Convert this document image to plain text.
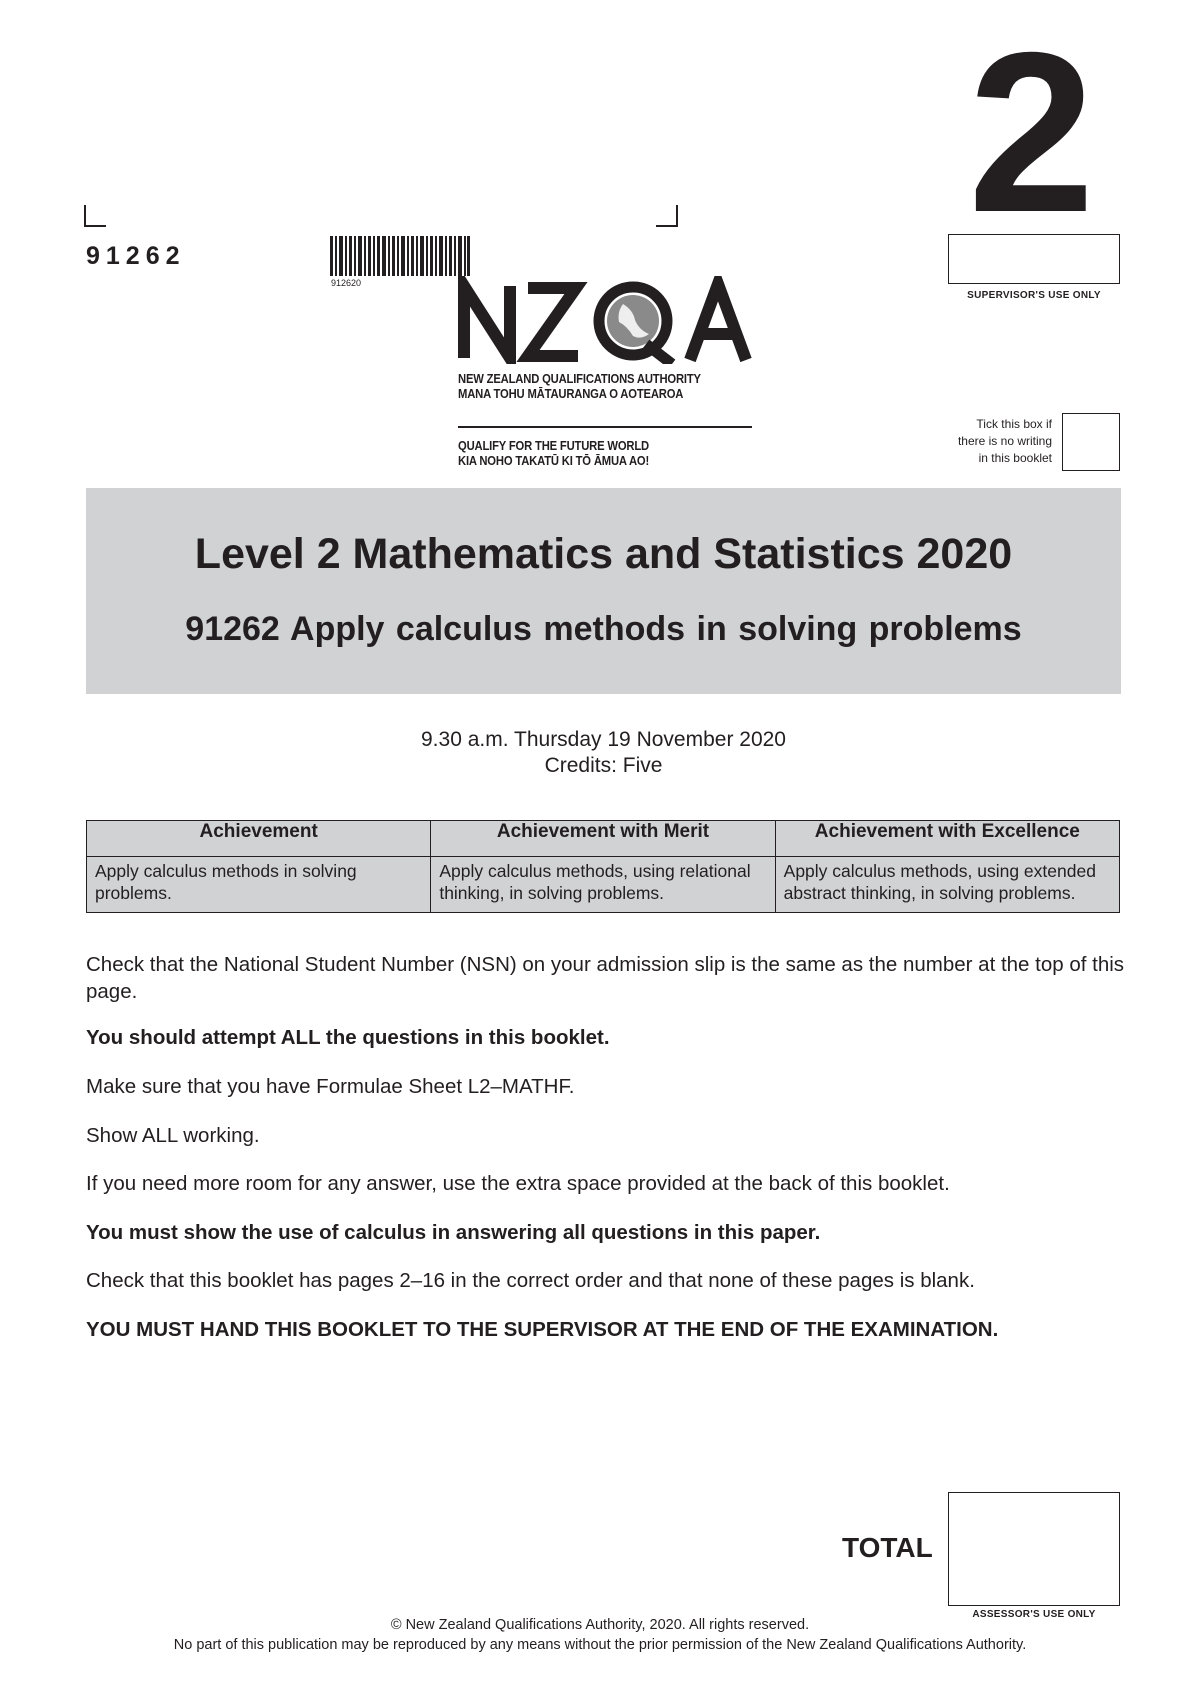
91262
912620
NEW ZEALAND QUALIFICATIONS AUTHORITY
MANA TOHU MĀTAURANGA O AOTEAROA
QUALIFY FOR THE FUTURE WORLD
KIA NOHO TAKATŪ KI TŌ ĀMUA AO!
2
SUPERVISOR'S USE ONLY
Tick this box if
there is no writing
in this booklet
Level 2 Mathematics and Statistics 2020
91262 Apply calculus methods in solving problems
9.30 a.m. Thursday 19 November 2020
Credits: Five
Achievement	Achievement with Merit	Achievement with Excellence
Apply calculus methods in solving problems.	Apply calculus methods, using relational thinking, in solving problems.	Apply calculus methods, using extended abstract thinking, in solving problems.
Check that the National Student Number (NSN) on your admission slip is the same as the number at the top of this page.
You should attempt ALL the questions in this booklet.
Make sure that you have Formulae Sheet L2–MATHF.
Show ALL working.
If you need more room for any answer, use the extra space provided at the back of this booklet.
You must show the use of calculus in answering all questions in this paper.
Check that this booklet has pages 2–16 in the correct order and that none of these pages is blank.
YOU MUST HAND THIS BOOKLET TO THE SUPERVISOR AT THE END OF THE EXAMINATION.
TOTAL
ASSESSOR'S USE ONLY
© New Zealand Qualifications Authority, 2020. All rights reserved.
No part of this publication may be reproduced by any means without the prior permission of the New Zealand Qualifications Authority.
